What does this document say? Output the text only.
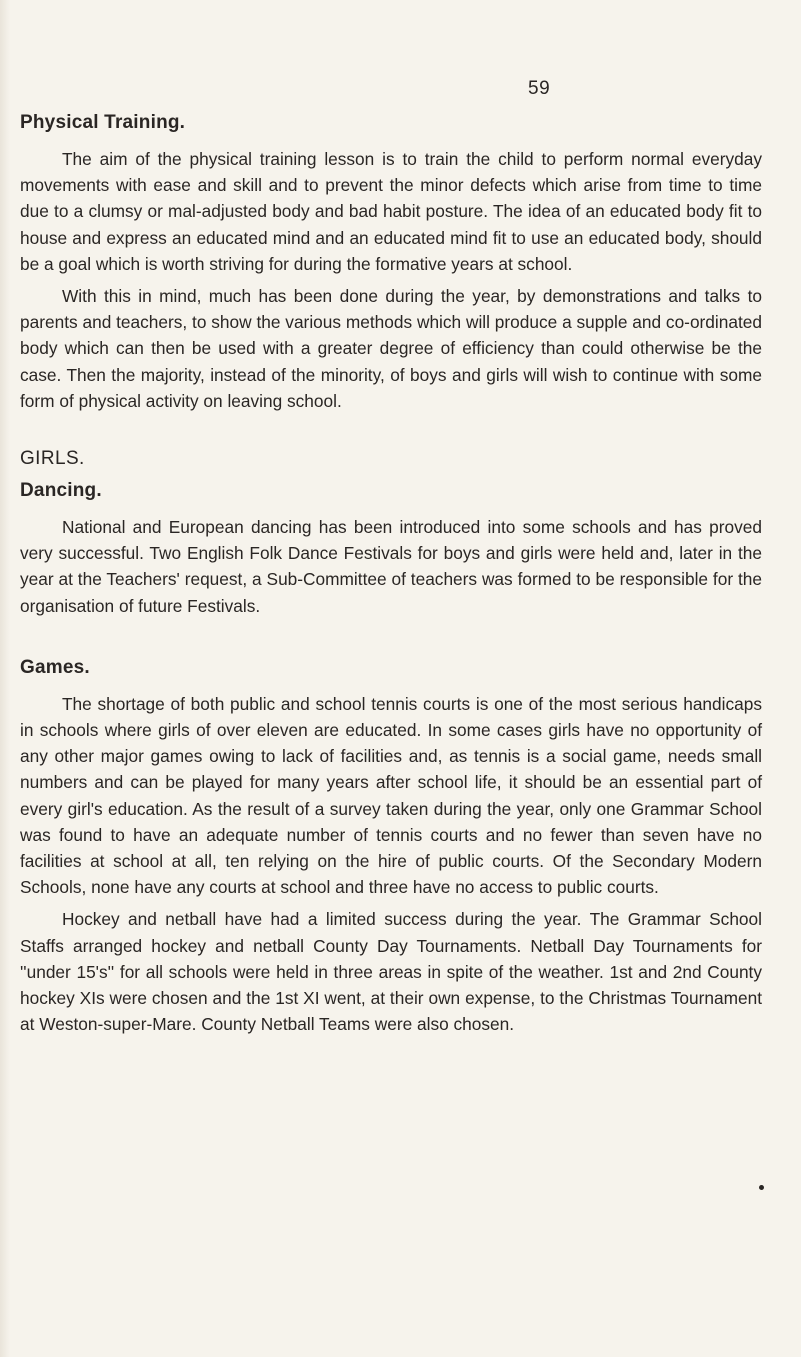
59
Physical Training.

The aim of the physical training lesson is to train the child to perform normal everyday movements with ease and skill and to prevent the minor defects which arise from time to time due to a clumsy or mal-adjusted body and bad habit posture. The idea of an educated body fit to house and express an educated mind and an educated mind fit to use an educated body, should be a goal which is worth striving for during the formative years at school.

With this in mind, much has been done during the year, by demonstrations and talks to parents and teachers, to show the various methods which will produce a supple and co-ordinated body which can then be used with a greater degree of efficiency than could otherwise be the case. Then the majority, instead of the minority, of boys and girls will wish to continue with some form of physical activity on leaving school.

GIRLS.
Dancing.

National and European dancing has been introduced into some schools and has proved very successful. Two English Folk Dance Festivals for boys and girls were held and, later in the year at the Teachers' request, a Sub-Committee of teachers was formed to be responsible for the organisation of future Festivals.

Games.

The shortage of both public and school tennis courts is one of the most serious handicaps in schools where girls of over eleven are educated. In some cases girls have no opportunity of any other major games owing to lack of facilities and, as tennis is a social game, needs small numbers and can be played for many years after school life, it should be an essential part of every girl's education. As the result of a survey taken during the year, only one Grammar School was found to have an adequate number of tennis courts and no fewer than seven have no facilities at school at all, ten relying on the hire of public courts. Of the Secondary Modern Schools, none have any courts at school and three have no access to public courts.

Hockey and netball have had a limited success during the year. The Grammar School Staffs arranged hockey and netball County Day Tournaments. Netball Day Tournaments for ''under 15's'' for all schools were held in three areas in spite of the weather. 1st and 2nd County hockey XIs were chosen and the 1st XI went, at their own expense, to the Christmas Tournament at Weston-super-Mare. County Netball Teams were also chosen.
